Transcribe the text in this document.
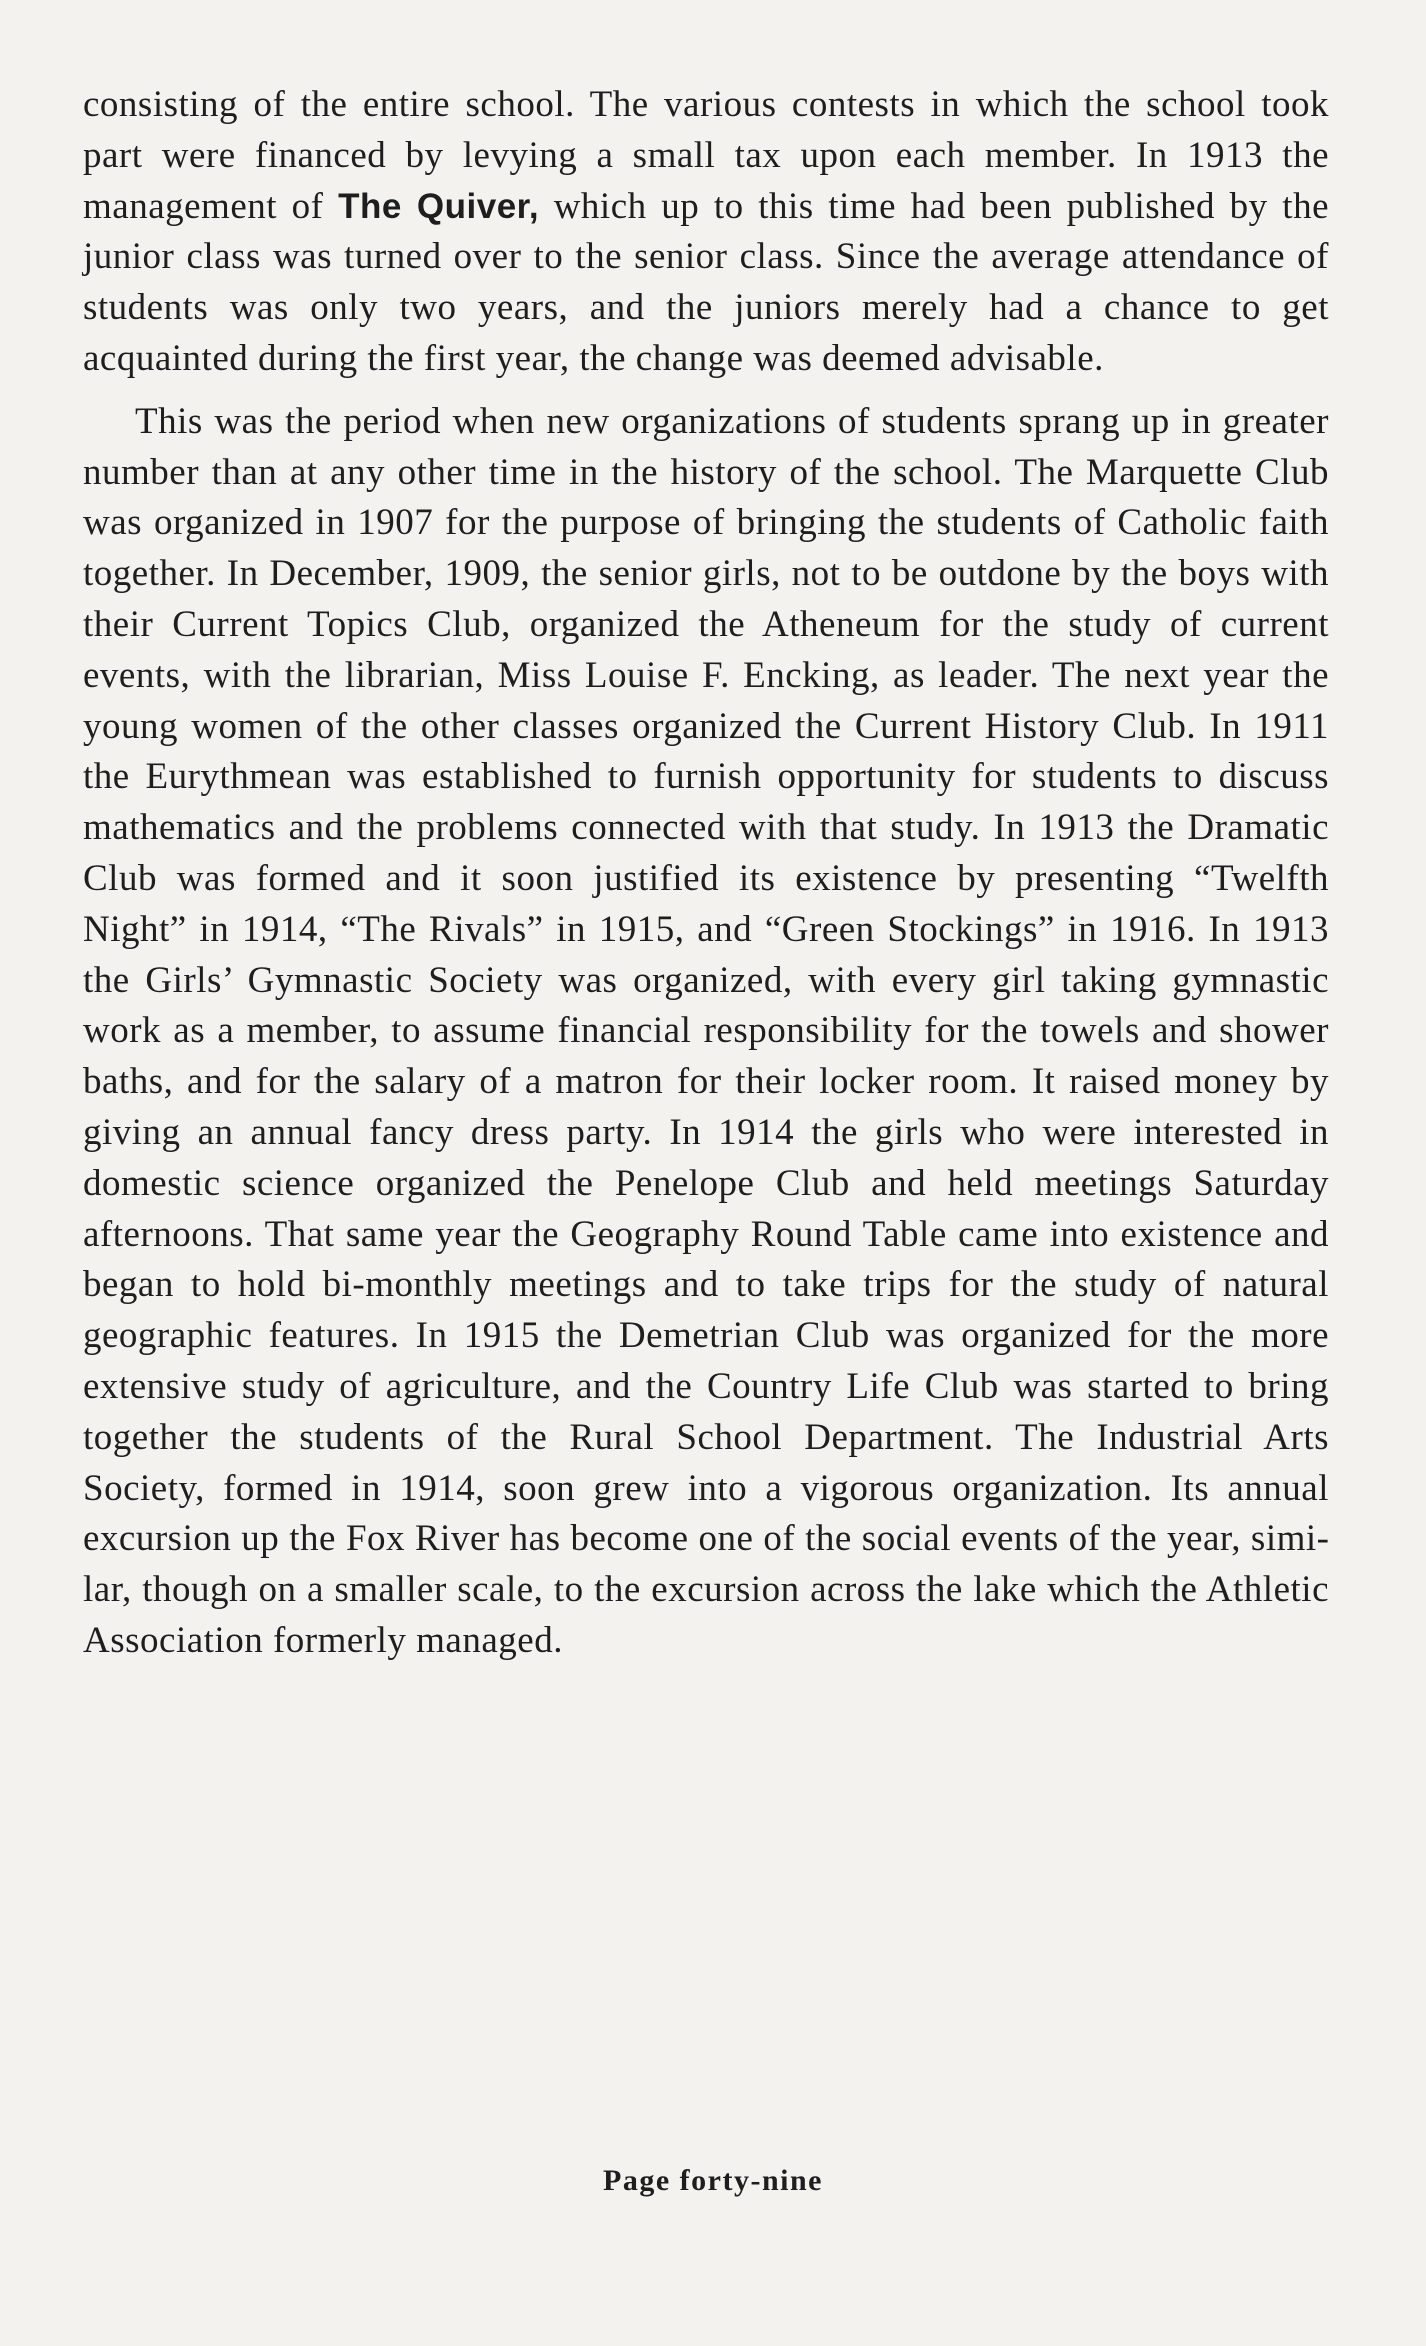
consisting of the entire school. The various contests in which the school took part were financed by levying a small tax upon each member. In 1913 the management of The Quiver, which up to this time had been published by the junior class was turned over to the senior class. Since the average attendance of students was only two years, and the juniors merely had a chance to get acquainted during the first year, the change was deemed advisable.

This was the period when new organizations of students sprang up in greater number than at any other time in the history of the school. The Marquette Club was organized in 1907 for the purpose of bringing the students of Catholic faith together. In December, 1909, the senior girls, not to be outdone by the boys with their Current Topics Club, organized the Atheneum for the study of current events, with the librarian, Miss Louise F. Encking, as leader. The next year the young women of the other classes organized the Current History Club. In 1911 the Eurythmean was established to furnish opportunity for students to discuss mathematics and the problems connected with that study. In 1913 the Dramatic Club was formed and it soon justified its existence by presenting “Twelfth Night” in 1914, “The Rivals” in 1915, and “Green Stockings” in 1916. In 1913 the Girls’ Gymnastic Society was organized, with every girl taking gymnastic work as a member, to assume financial responsibility for the towels and shower baths, and for the salary of a matron for their locker room. It raised money by giving an annual fancy dress party. In 1914 the girls who were interested in domestic science organized the Penelope Club and held meetings Saturday afternoons. That same year the Geography Round Table came into existence and began to hold bi-monthly meetings and to take trips for the study of natural geographic features. In 1915 the Demetrian Club was organized for the more extensive study of agriculture, and the Country Life Club was started to bring together the students of the Rural School Department. The Industrial Arts Society, formed in 1914, soon grew into a vigorous organization. Its annual excursion up the Fox River has become one of the social events of the year, similar, though on a smaller scale, to the excursion across the lake which the Athletic Association formerly managed.

Page forty-nine
